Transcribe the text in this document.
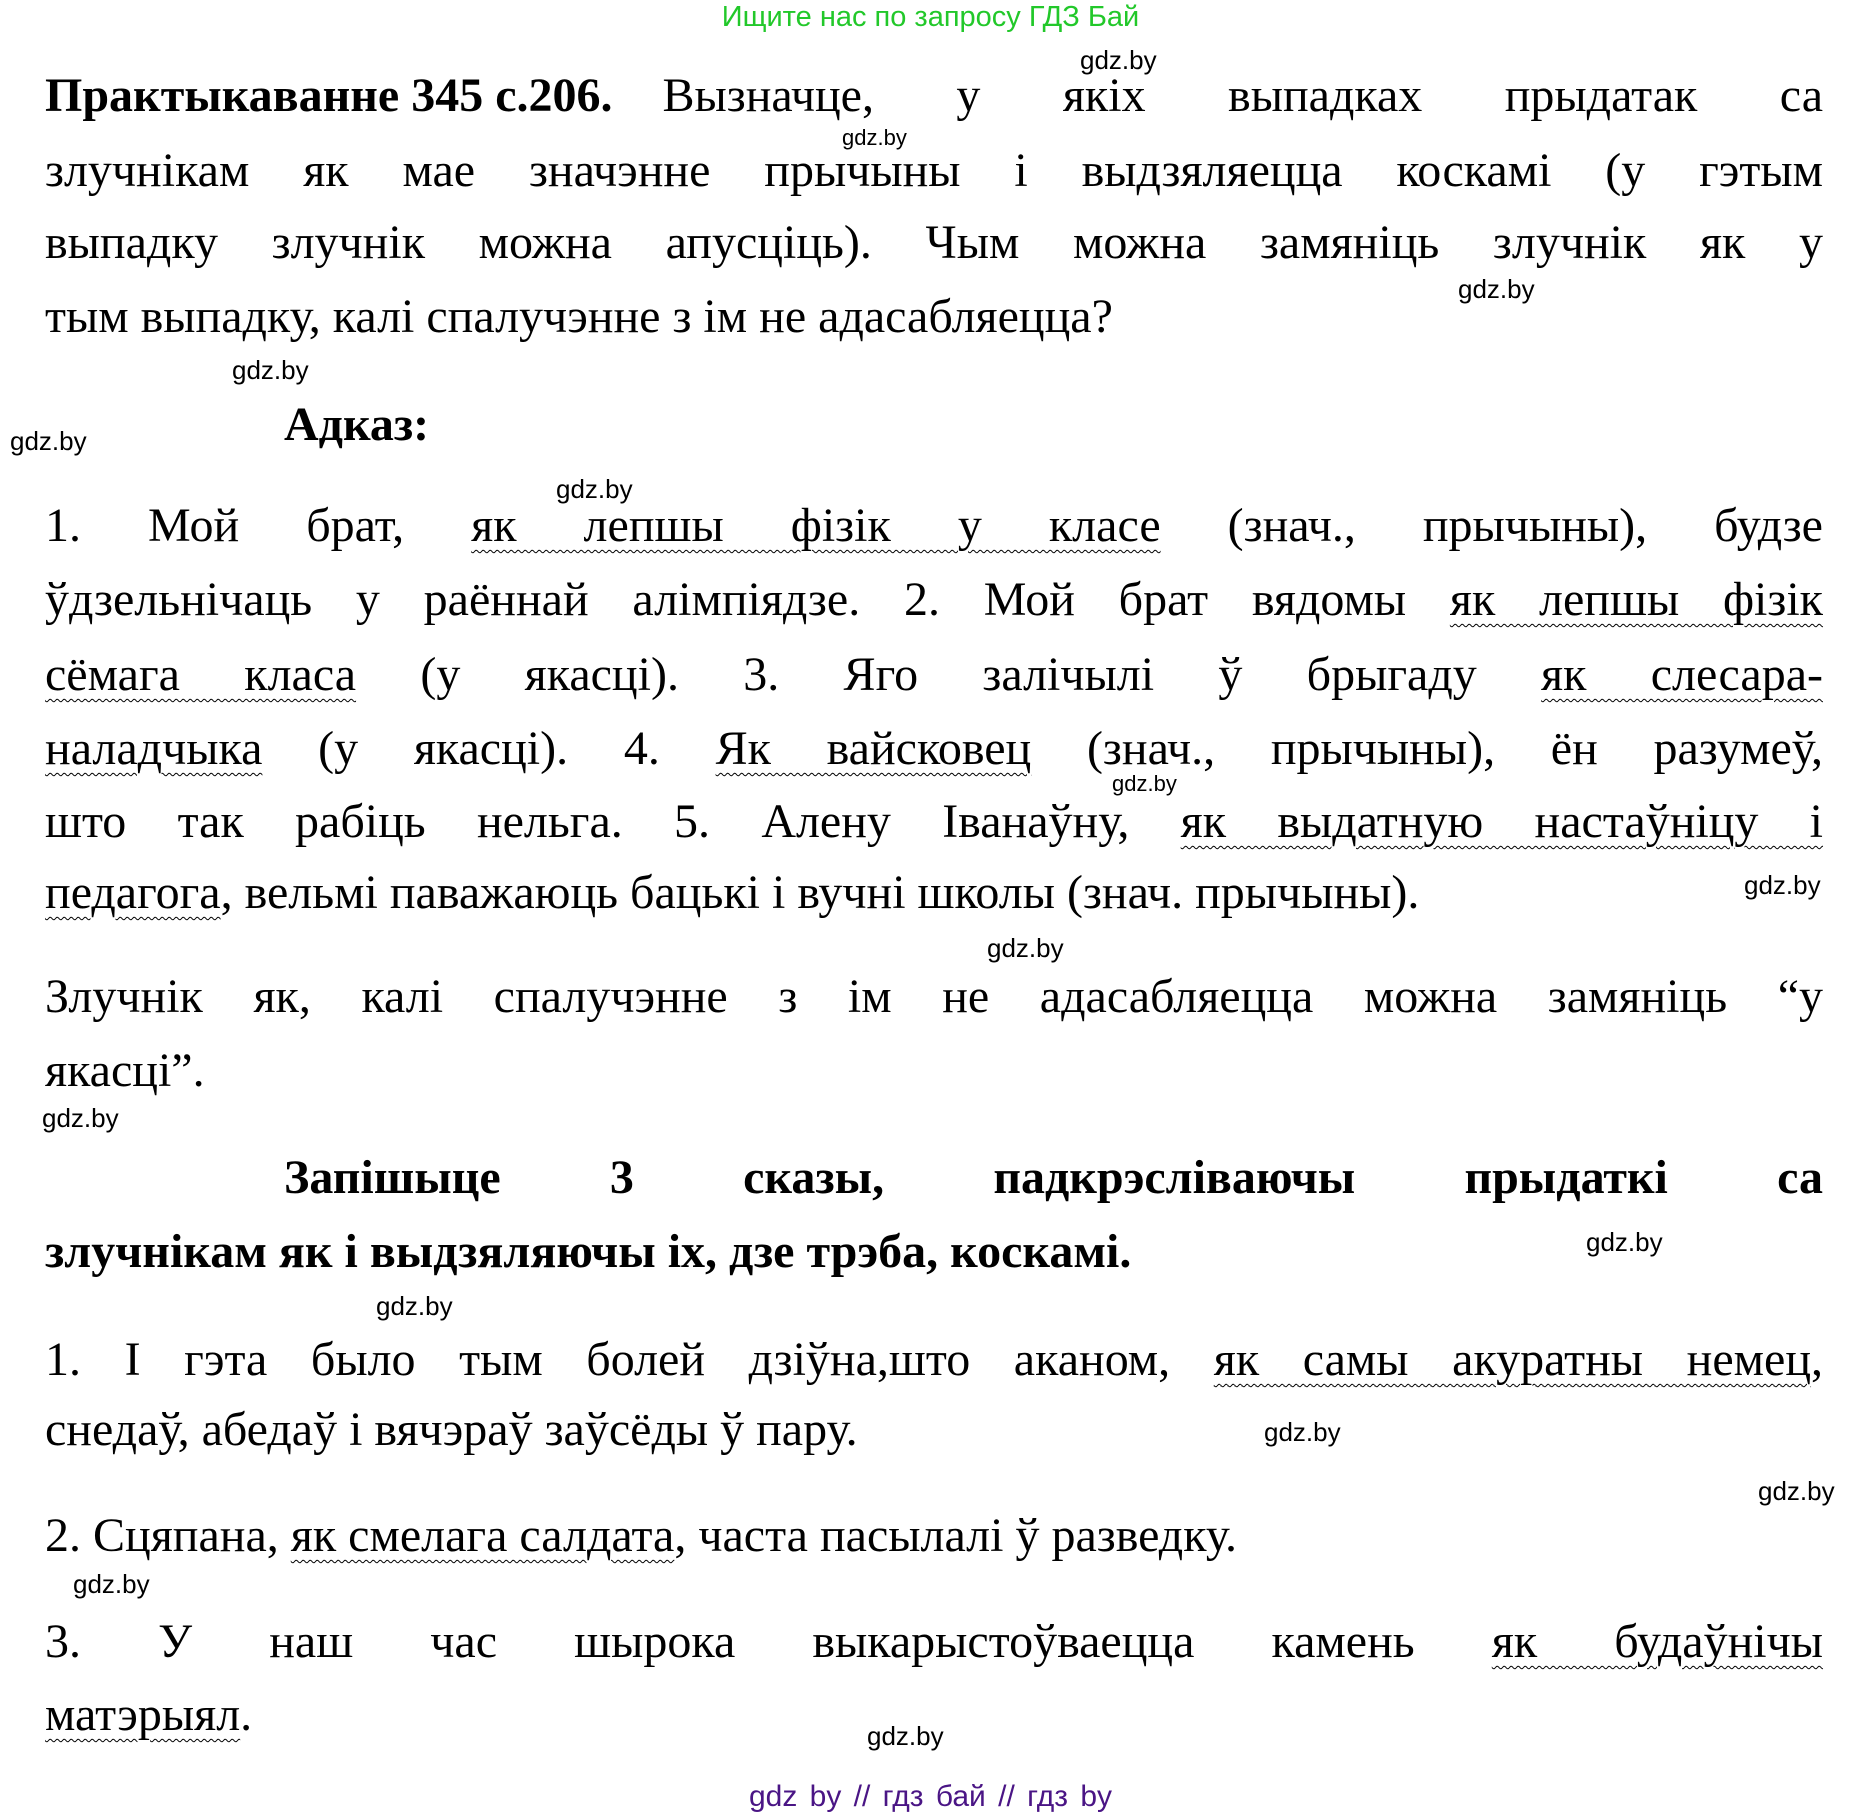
Ищите нас по запросу ГДЗ Бай
Практыкаванне 345 с.206. Вызначце, у якіх выпадках прыдатак са
злучнікам як мае значэнне прычыны і выдзяляецца коскамі (у гэтым
выпадку злучнік можна апусціць). Чым можна замяніць злучнік як у
тым выпадку, калі спалучэнне з ім не адасабляецца?
Адказ:
1. Мой брат, як лепшы фізік у класе (знач., прычыны), будзе
ўдзельнічаць у раённай алімпіядзе. 2. Мой брат вядомы як лепшы фізік
сёмага класа (у якасці). 3. Яго залічылі ў брыгаду як слесара-
наладчыка (у якасці). 4. Як вайсковец (знач., прычыны), ён разумеў,
што так рабіць нельга. 5. Алену Іванаўну, як выдатную настаўніцу і
педагога, вельмі паважаюць бацькі і вучні школы (знач. прычыны).
Злучнік як, калі спалучэнне з ім не адасабляецца можна замяніць “у
якасці”.
Запішыце 3 сказы, падкрэсліваючы прыдаткі са
злучнікам як і выдзяляючы іх, дзе трэба, коскамі.
1. І гэта было тым болей дзіўна,што аканом, як самы акуратны немец,
снедаў, абедаў і вячэраў заўсёды ў пару.
2. Сцяпана, як смелага салдата, часта пасылалі ў разведку.
3. У наш час шырока выкарыстоўваецца камень як будаўнічы
матэрыял.
gdz.by
gdz.by
gdz.by
gdz.by
gdz.by
gdz.by
gdz.by
gdz.by
gdz.by
gdz.by
gdz.by
gdz.by
gdz.by
gdz.by
gdz.by
gdz.by
gdz by // гдз бай // гдз by
